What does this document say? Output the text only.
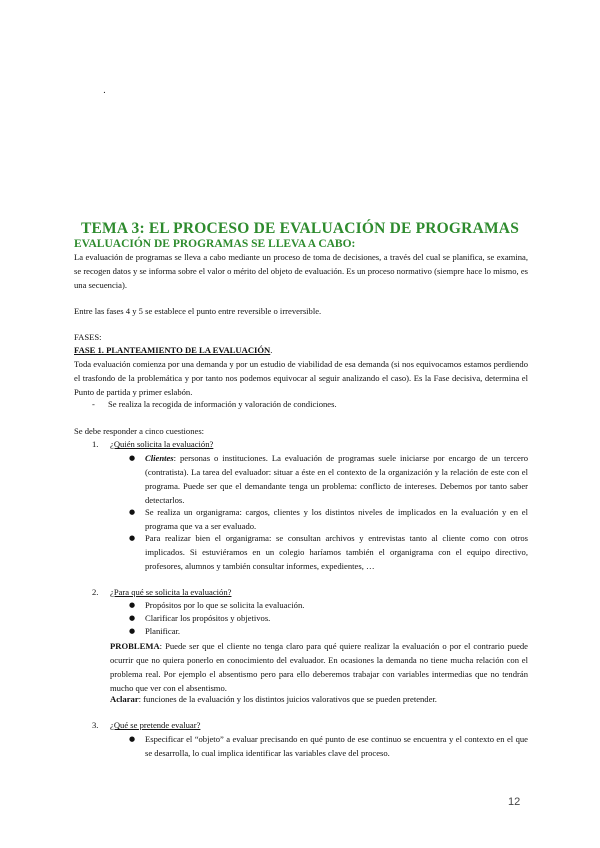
.
TEMA 3: EL PROCESO DE EVALUACIÓN DE PROGRAMAS
EVALUACIÓN DE PROGRAMAS SE LLEVA A CABO:
La evaluación de programas se lleva a cabo mediante un proceso de toma de decisiones, a través del cual se planifica, se examina, se recogen datos y se informa sobre el valor o mérito del objeto de evaluación. Es un proceso normativo (siempre hace lo mismo, es una secuencia).
Entre las fases 4 y 5 se establece el punto entre reversible o irreversible.
FASES:
FASE 1. PLANTEAMIENTO DE LA EVALUACIÓN.
Toda evaluación comienza por una demanda y por un estudio de viabilidad de esa demanda (si nos equivocamos estamos perdiendo el trasfondo de la problemática y por tanto nos podemos equivocar al seguir analizando el caso). Es la Fase decisiva, determina el Punto de partida y primer eslabón.
- Se realiza la recogida de información y valoración de condiciones.
Se debe responder a cinco cuestiones:
1. ¿Quién solicita la evaluación?
● Clientes: personas o instituciones. La evaluación de programas suele iniciarse por encargo de un tercero (contratista). La tarea del evaluador: situar a éste en el contexto de la organización y la relación de este con el programa. Puede ser que el demandante tenga un problema: conflicto de intereses. Debemos por tanto saber detectarlos.
● Se realiza un organigrama: cargos, clientes y los distintos niveles de implicados en la evaluación y en el programa que va a ser evaluado.
● Para realizar bien el organigrama: se consultan archivos y entrevistas tanto al cliente como con otros implicados. Si estuviéramos en un colegio haríamos también el organigrama con el equipo directivo, profesores, alumnos y también consultar informes, expedientes, …
2. ¿Para qué se solicita la evaluación?
● Propósitos por lo que se solicita la evaluación.
● Clarificar los propósitos y objetivos.
● Planificar.
PROBLEMA: Puede ser que el cliente no tenga claro para qué quiere realizar la evaluación o por el contrario puede ocurrir que no quiera ponerlo en conocimiento del evaluador. En ocasiones la demanda no tiene mucha relación con el problema real. Por ejemplo el absentismo pero para ello deberemos trabajar con variables intermedias que no tendrán mucho que ver con el absentismo.
Aclarar: funciones de la evaluación y los distintos juicios valorativos que se pueden pretender.
3. ¿Qué se pretende evaluar?
● Especificar el “objeto” a evaluar precisando en qué punto de ese continuo se encuentra y el contexto en el que se desarrolla, lo cual implica identificar las variables clave del proceso.
12
